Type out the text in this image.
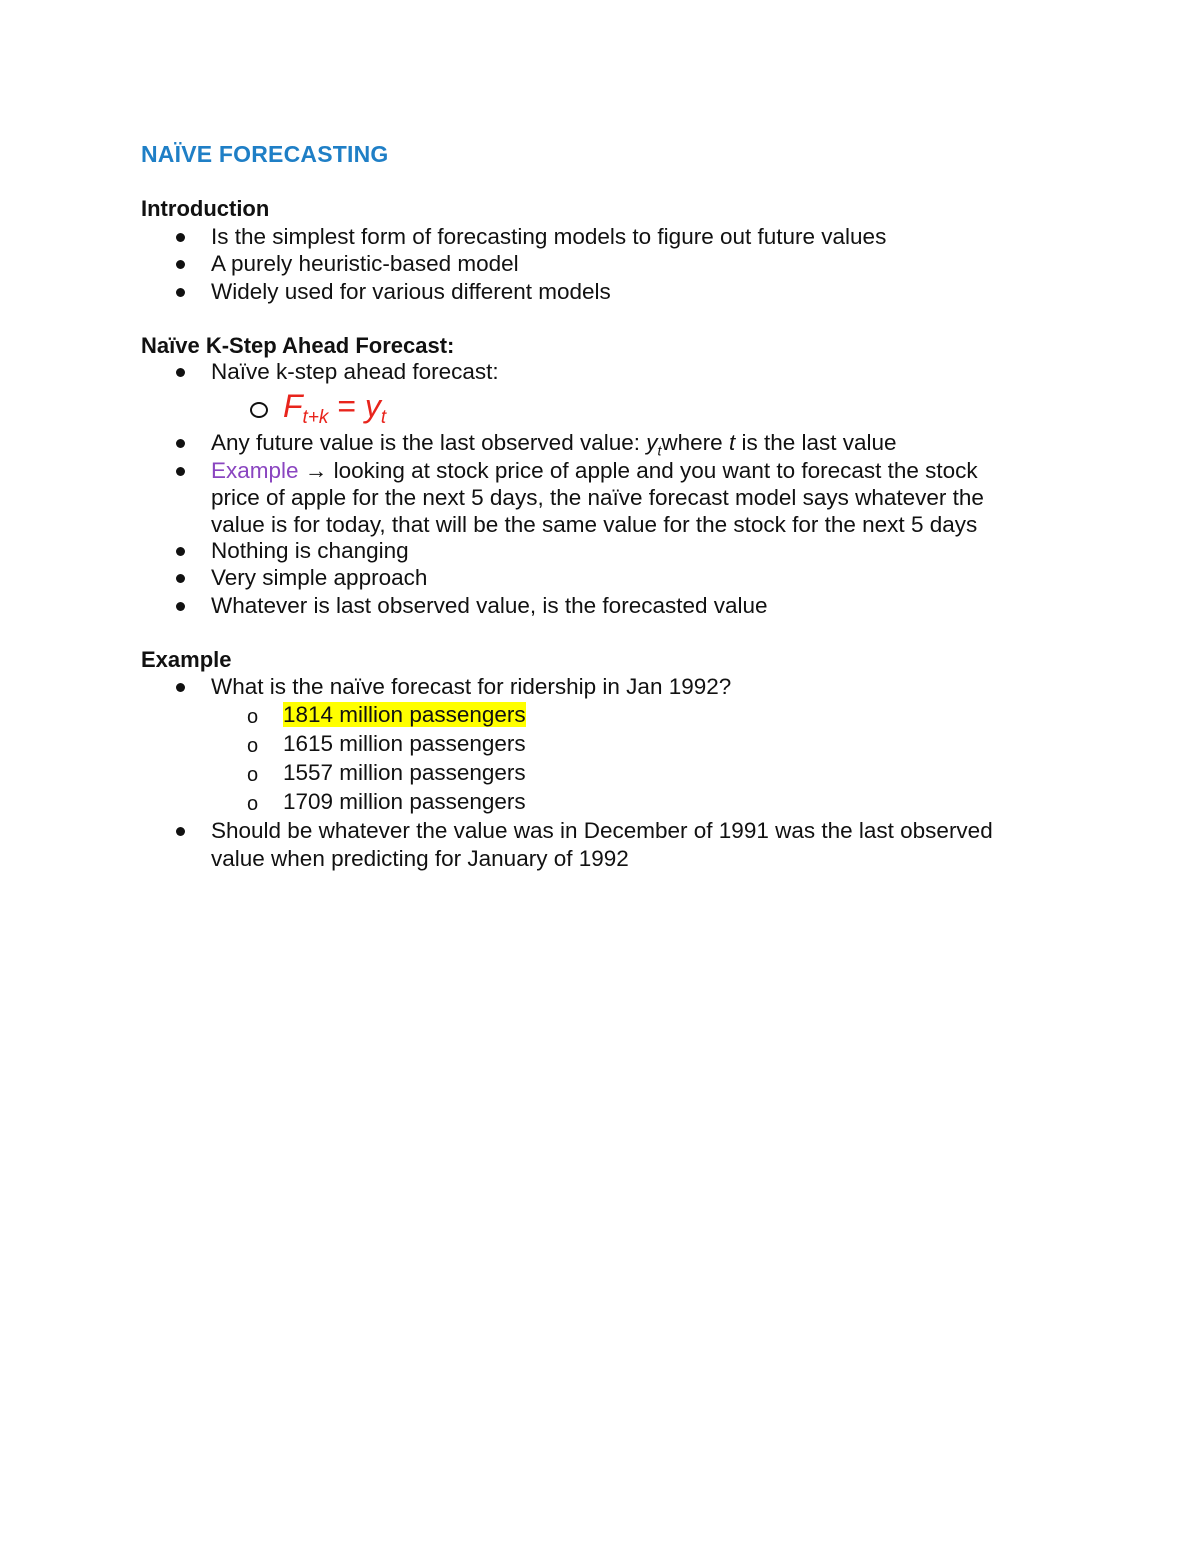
NAÏVE FORECASTING
Introduction
Is the simplest form of forecasting models to figure out future values
A purely heuristic-based model
Widely used for various different models
Naïve K-Step Ahead Forecast:
Naïve k-step ahead forecast:
$F_{t+k} = y_t$
Any future value is the last observed value: $y_twhere$ t is the last value
Example → looking at stock price of apple and you want to forecast the stock
price of apple for the next 5 days, the naïve forecast model says whatever the
value is for today, that will be the same value for the stock for the next 5 days
Nothing is changing
Very simple approach
Whatever is last observed value, is the forecasted value
Example
What is the naïve forecast for ridership in Jan 1992?
o 1814 million passengers
o 1615 million passengers
o 1557 million passengers
o 1709 million passengers
Should be whatever the value was in December of 1991 was the last observed
value when predicting for January of 1992
